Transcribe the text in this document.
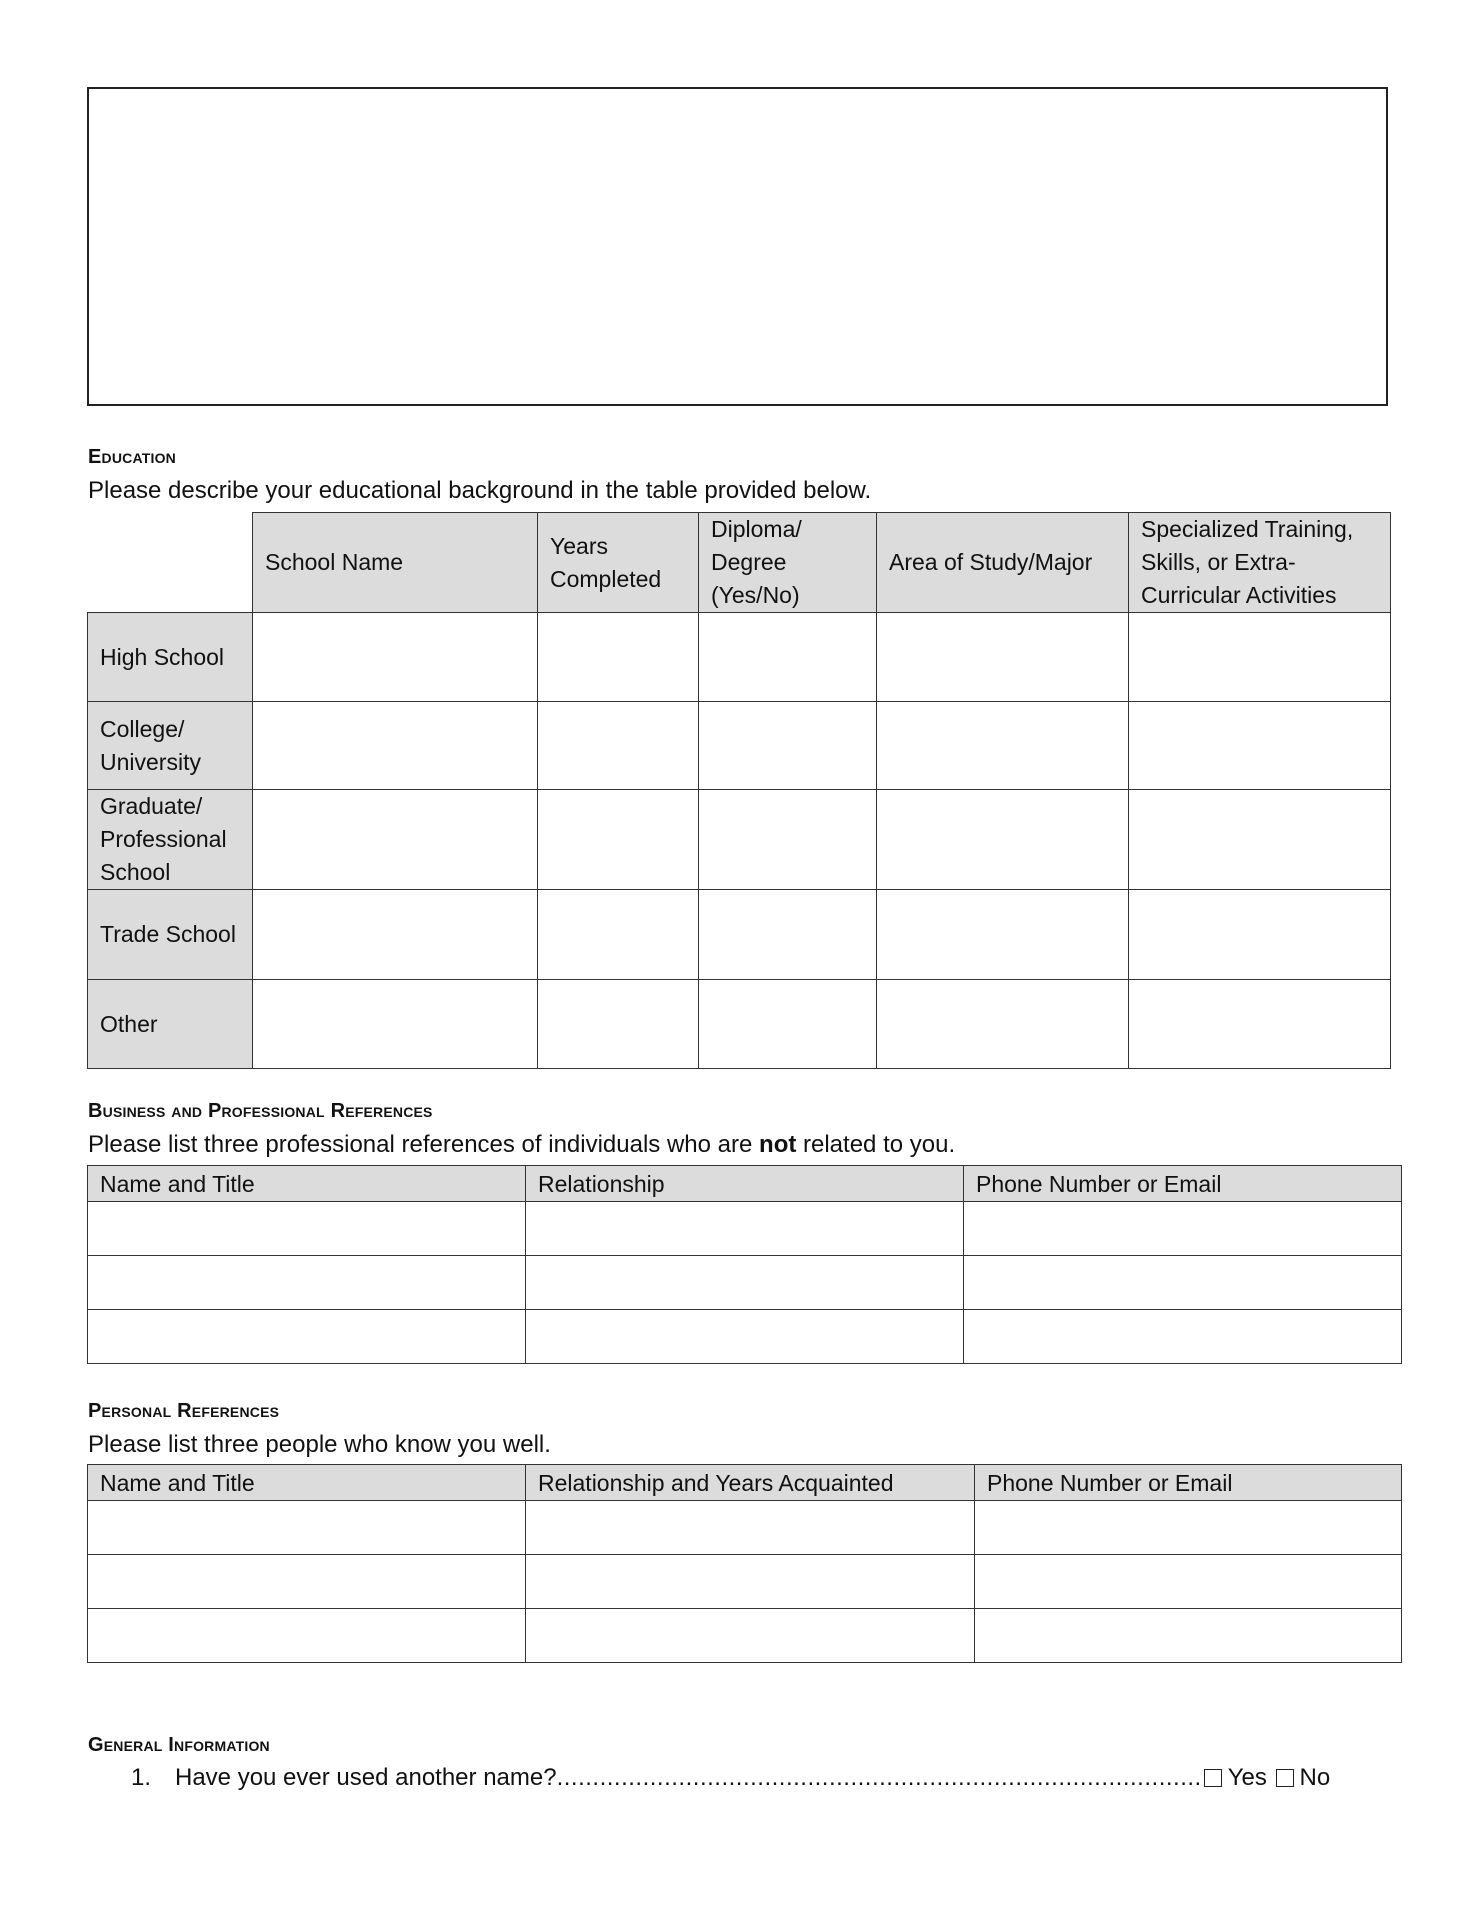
Education
Please describe your educational background in the table provided below.
	School Name	Years Completed	Diploma/ Degree (Yes/No)	Area of Study/Major	Specialized Training, Skills, or Extra-Curricular Activities
High School					
College/ University					
Graduate/ Professional School					
Trade School					
Other					
Business and Professional References
Please list three professional references of individuals who are not related to you.
Name and Title	Relationship	Phone Number or Email

Personal References
Please list three people who know you well.
Name and Title	Relationship and Years Acquainted	Phone Number or Email

General Information
1. Have you ever used another name?.......................................................................................... Yes No
